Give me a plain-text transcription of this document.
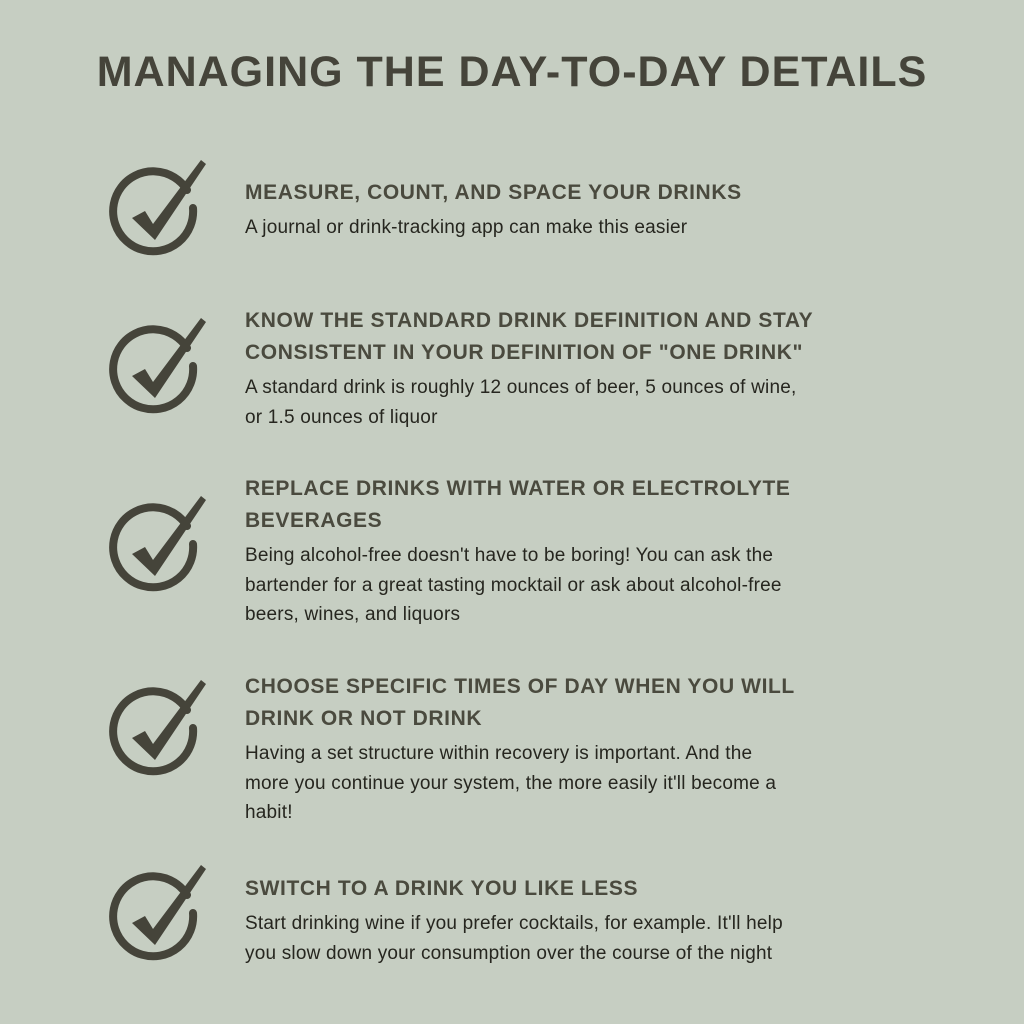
MANAGING THE DAY-TO-DAY DETAILS
MEASURE, COUNT, AND SPACE YOUR DRINKS
A journal or drink-tracking app can make this easier
KNOW THE STANDARD DRINK DEFINITION AND STAY
CONSISTENT IN YOUR DEFINITION OF "ONE DRINK"
A standard drink is roughly 12 ounces of beer, 5 ounces of wine,
or 1.5 ounces of liquor
REPLACE DRINKS WITH WATER OR ELECTROLYTE
BEVERAGES
Being alcohol-free doesn't have to be boring! You can ask the
bartender for a great tasting mocktail or ask about alcohol-free
beers, wines, and liquors
CHOOSE SPECIFIC TIMES OF DAY WHEN YOU WILL
DRINK OR NOT DRINK
Having a set structure within recovery is important. And the
more you continue your system, the more easily it'll become a
habit!
SWITCH TO A DRINK YOU LIKE LESS
Start drinking wine if you prefer cocktails, for example. It'll help
you slow down your consumption over the course of the night
